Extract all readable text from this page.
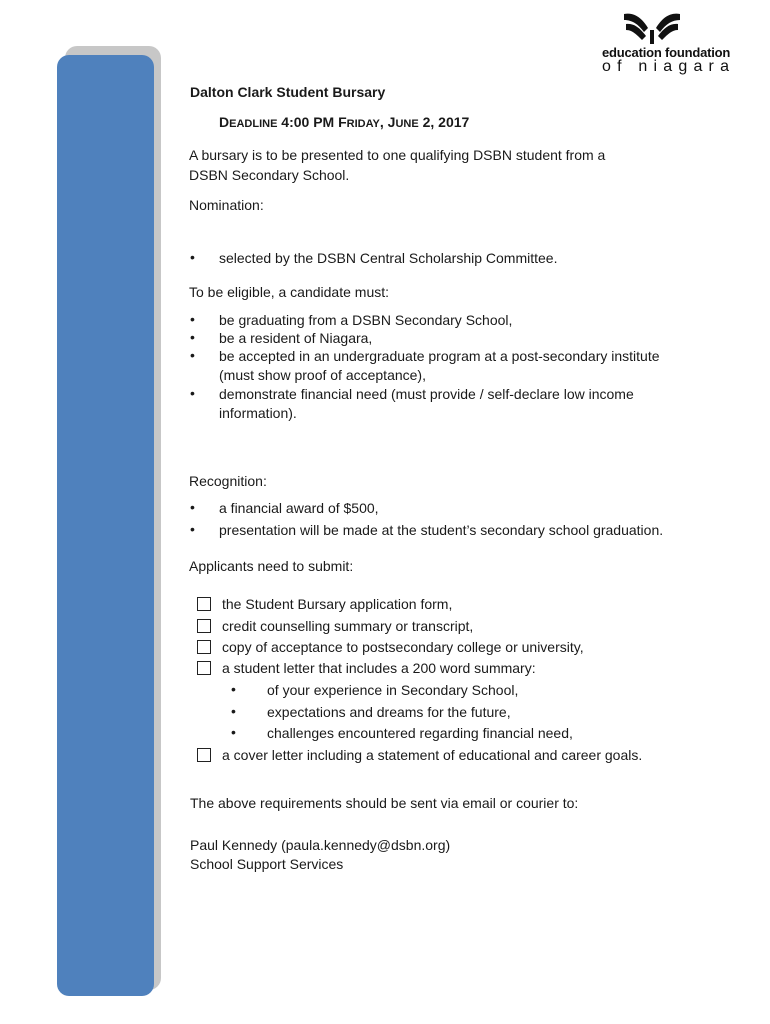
education foundation
of niagara
Dalton Clark Student Bursary
DEADLINE 4:00 PM FRIDAY, JUNE 2, 2017
A bursary is to be presented to one qualifying DSBN student from a
DSBN Secondary School.
Nomination:
• selected by the DSBN Central Scholarship Committee.
To be eligible, a candidate must:
• be graduating from a DSBN Secondary School,
• be a resident of Niagara,
• be accepted in an undergraduate program at a post-secondary institute
(must show proof of acceptance),
• demonstrate financial need (must provide / self-declare low income
information).
Recognition:
• a financial award of $500,
• presentation will be made at the student’s secondary school graduation.
Applicants need to submit:
the Student Bursary application form,
credit counselling summary or transcript,
copy of acceptance to postsecondary college or university,
a student letter that includes a 200 word summary:
• of your experience in Secondary School,
• expectations and dreams for the future,
• challenges encountered regarding financial need,
a cover letter including a statement of educational and career goals.
The above requirements should be sent via email or courier to:
Paul Kennedy (paula.kennedy@dsbn.org)
School Support Services
